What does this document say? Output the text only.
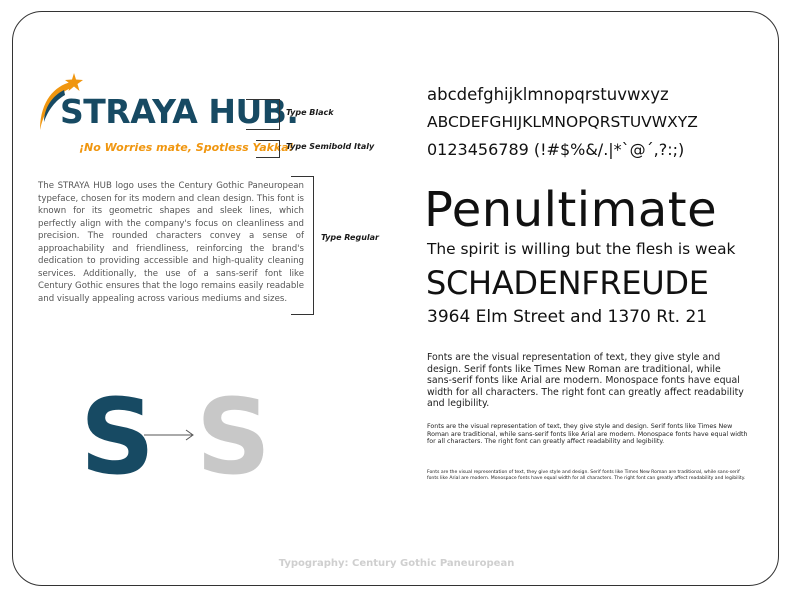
STRAYA HUB.
¡No Worries mate, Spotless Yakka!
Type Black
Type Semibold Italy
Type Regular
The STRAYA HUB logo uses the Century Gothic Paneuropean typeface, chosen for its modern and clean design. This font is known for its geometric shapes and sleek lines, which perfectly align with the company's focus on cleanliness and precision. The rounded characters convey a sense of approachability and friendliness, reinforcing the brand's dedication to providing accessible and high-quality cleaning services. Additionally, the use of a sans-serif font like Century Gothic ensures that the logo remains easily readable and visually appealing across various mediums and sizes.
S S
abcdefghijklmnopqrstuvwxyz
ABCDEFGHIJKLMNOPQRSTUVWXYZ
0123456789 (!#$%&/.|*`@´,?:;)
Penultimate
The spirit is willing but the flesh is weak
SCHADENFREUDE
3964 Elm Street and 1370 Rt. 21
Fonts are the visual representation of text, they give style and design. Serif fonts like Times New Roman are traditional, while sans-serif fonts like Arial are modern. Monospace fonts have equal width for all characters. The right font can greatly affect readability and legibility.
Fonts are the visual representation of text, they give style and design. Serif fonts like Times New Roman are traditional, while sans-serif fonts like Arial are modern. Monospace fonts have equal width for all characters. The right font can greatly affect readability and legibility.
Fonts are the visual representation of text, they give style and design. Serif fonts like Times New Roman are traditional, while sans-serif fonts like Arial are modern. Monospace fonts have equal width for all characters. The right font can greatly affect readability and legibility.
Typography: Century Gothic Paneuropean
